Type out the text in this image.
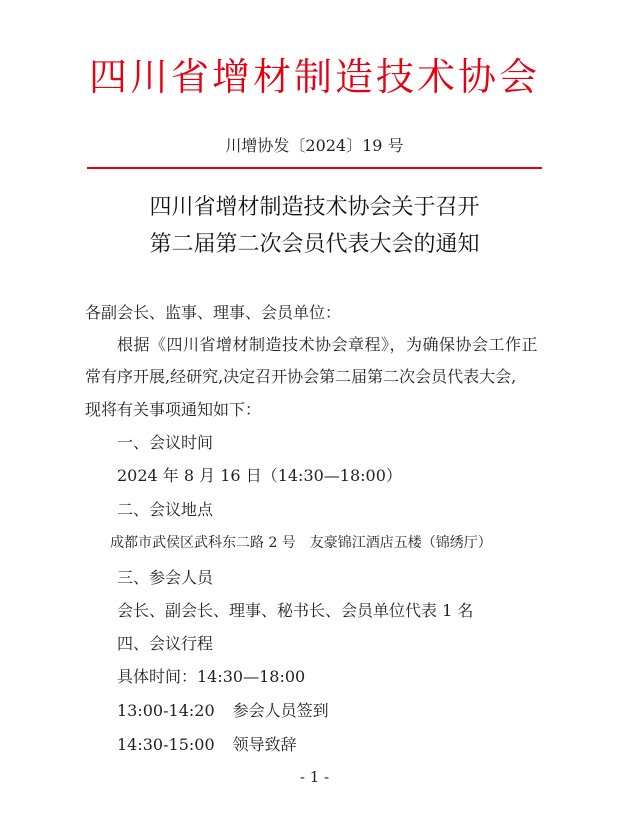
四川省增材制造技术协会
川增协发〔2024〕19 号
四川省增材制造技术协会关于召开
第二届第二次会员代表大会的通知
各副会长、监事、理事、会员单位：
根据《四川省增材制造技术协会章程》，为确保协会工作正
常有序开展,经研究,决定召开协会第二届第二次会员代表大会,
现将有关事项通知如下：
一、会议时间
2024 年 8 月 16 日（14:30—18:00）
二、会议地点
成都市武侯区武科东二路 2 号　友豪锦江酒店五楼（锦绣厅）
三、参会人员
会长、副会长、理事、秘书长、会员单位代表 1 名
四、会议行程
具体时间：14:30—18:00
13:00-14:20 参会人员签到
14:30-15:00 领导致辞
- 1 -
